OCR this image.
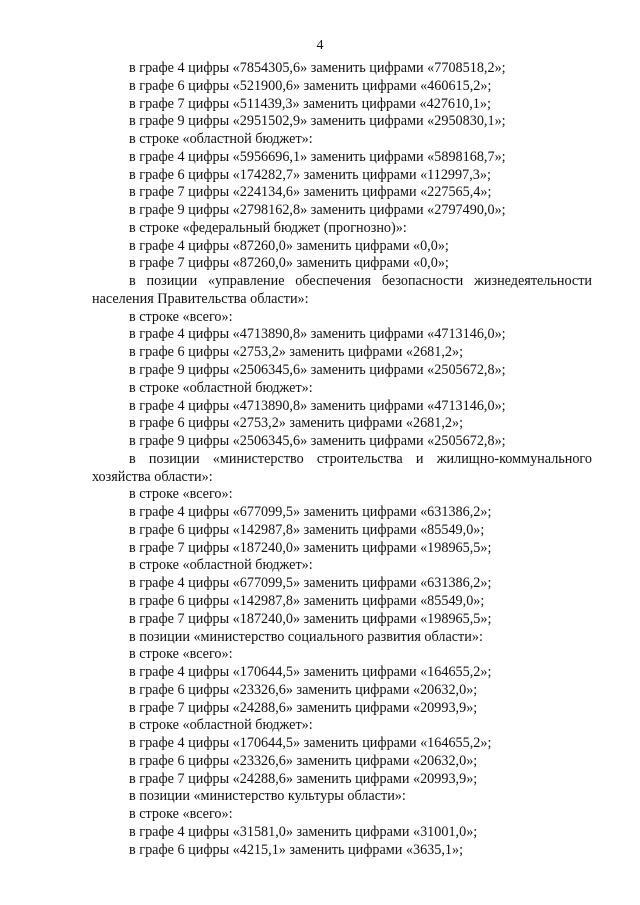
4
в графе 4 цифры «7854305,6» заменить цифрами «7708518,2»;
в графе 6 цифры «521900,6» заменить цифрами «460615,2»;
в графе 7 цифры «511439,3» заменить цифрами «427610,1»;
в графе 9 цифры «2951502,9» заменить цифрами «2950830,1»;
в строке «областной бюджет»:
в графе 4 цифры «5956696,1» заменить цифрами «5898168,7»;
в графе 6 цифры «174282,7» заменить цифрами «112997,3»;
в графе 7 цифры «224134,6» заменить цифрами «227565,4»;
в графе 9 цифры «2798162,8» заменить цифрами «2797490,0»;
в строке «федеральный бюджет (прогнозно)»:
в графе 4 цифры «87260,0» заменить цифрами «0,0»;
в графе 7 цифры «87260,0» заменить цифрами «0,0»;
в позиции «управление обеспечения безопасности жизнедеятельности
населения Правительства области»:
в строке «всего»:
в графе 4 цифры «4713890,8» заменить цифрами «4713146,0»;
в графе 6 цифры «2753,2» заменить цифрами «2681,2»;
в графе 9 цифры «2506345,6» заменить цифрами «2505672,8»;
в строке «областной бюджет»:
в графе 4 цифры «4713890,8» заменить цифрами «4713146,0»;
в графе 6 цифры «2753,2» заменить цифрами «2681,2»;
в графе 9 цифры «2506345,6» заменить цифрами «2505672,8»;
в позиции «министерство строительства и жилищно-коммунального
хозяйства области»:
в строке «всего»:
в графе 4 цифры «677099,5» заменить цифрами «631386,2»;
в графе 6 цифры «142987,8» заменить цифрами «85549,0»;
в графе 7 цифры «187240,0» заменить цифрами «198965,5»;
в строке «областной бюджет»:
в графе 4 цифры «677099,5» заменить цифрами «631386,2»;
в графе 6 цифры «142987,8» заменить цифрами «85549,0»;
в графе 7 цифры «187240,0» заменить цифрами «198965,5»;
в позиции «министерство социального развития области»:
в строке «всего»:
в графе 4 цифры «170644,5» заменить цифрами «164655,2»;
в графе 6 цифры «23326,6» заменить цифрами «20632,0»;
в графе 7 цифры «24288,6» заменить цифрами «20993,9»;
в строке «областной бюджет»:
в графе 4 цифры «170644,5» заменить цифрами «164655,2»;
в графе 6 цифры «23326,6» заменить цифрами «20632,0»;
в графе 7 цифры «24288,6» заменить цифрами «20993,9»;
в позиции «министерство культуры области»:
в строке «всего»:
в графе 4 цифры «31581,0» заменить цифрами «31001,0»;
в графе 6 цифры «4215,1» заменить цифрами «3635,1»;
